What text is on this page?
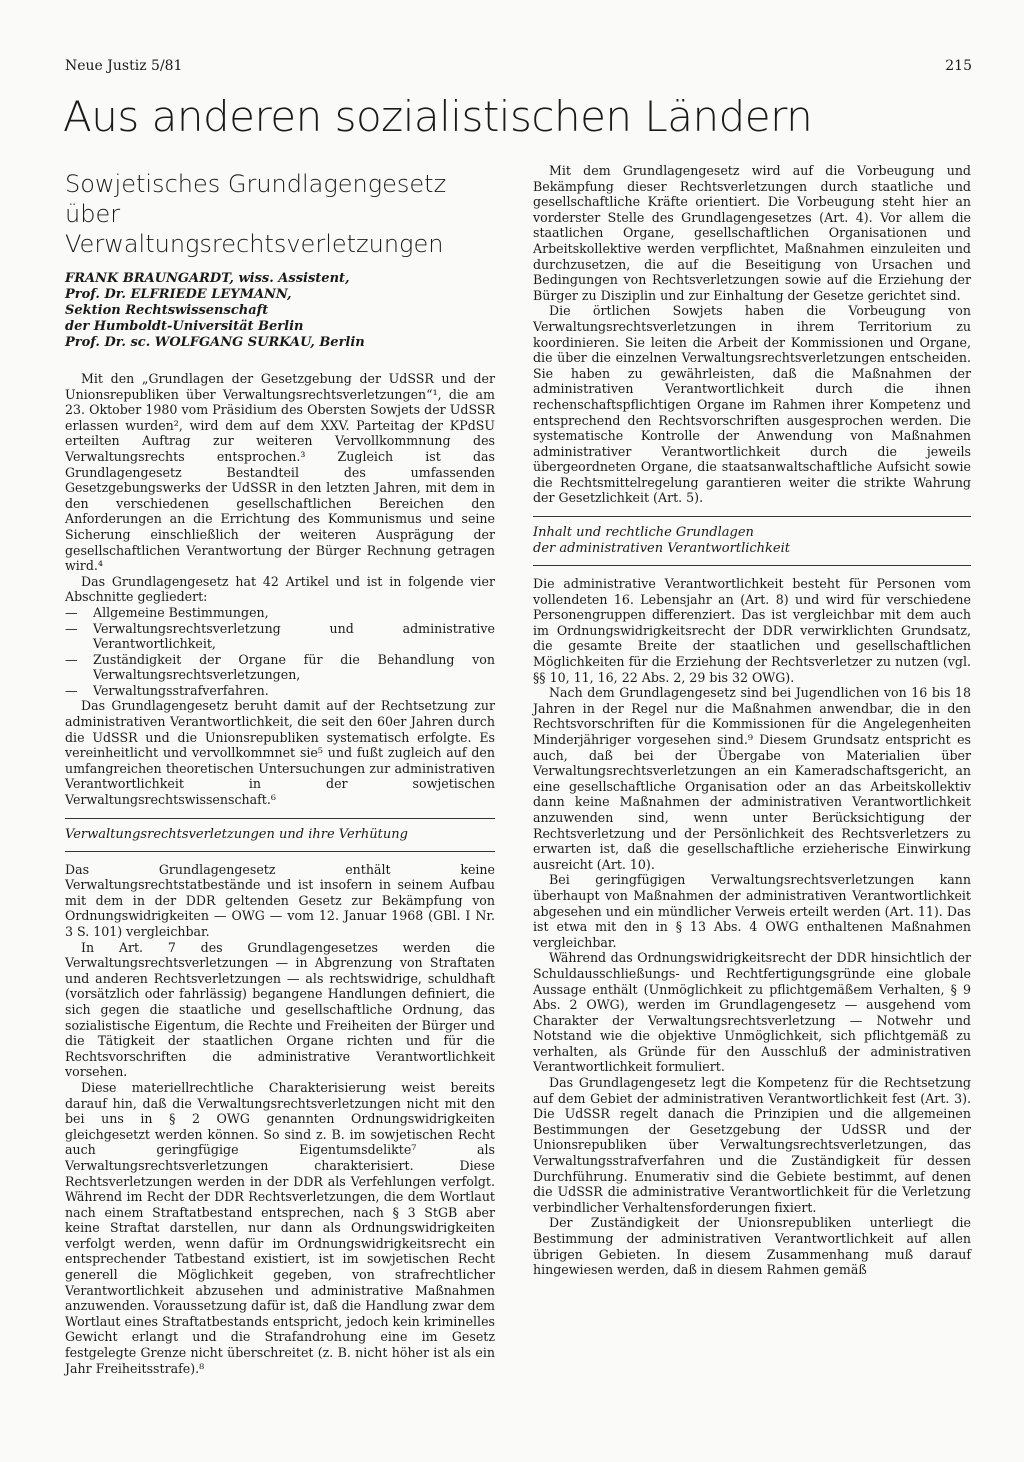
Neue Justiz 5/81	215
Aus anderen sozialistischen Ländern
Sowjetisches Grundlagengesetz
über Verwaltungsrechtsverletzungen
FRANK BRAUNGARDT, wiss. Assistent,
Prof. Dr. ELFRIEDE LEYMANN,
Sektion Rechtswissenschaft
der Humboldt-Universität Berlin
Prof. Dr. sc. WOLFGANG SURKAU, Berlin

Mit den „Grundlagen der Gesetzgebung der UdSSR und der Unionsrepubliken über Verwaltungsrechtsverletzungen“¹, die am 23. Oktober 1980 vom Präsidium des Obersten Sowjets der UdSSR erlassen wurden², wird dem auf dem XXV. Parteitag der KPdSU erteilten Auftrag zur weiteren Vervollkommnung des Verwaltungsrechts entsprochen.³ Zugleich ist das Grundlagengesetz Bestandteil des umfassenden Gesetzgebungswerks der UdSSR in den letzten Jahren, mit dem in den verschiedenen gesellschaftlichen Bereichen den Anforderungen an die Errichtung des Kommunismus und seine Sicherung einschließlich der weiteren Ausprägung der gesellschaftlichen Verantwortung der Bürger Rechnung getragen wird.⁴

Das Grundlagengesetz hat 42 Artikel und ist in folgende vier Abschnitte gegliedert:

— Allgemeine Bestimmungen,
— Verwaltungsrechtsverletzung und administrative Verantwortlichkeit,
— Zuständigkeit der Organe für die Behandlung von Verwaltungsrechtsverletzungen,
— Verwaltungsstrafverfahren.

Das Grundlagengesetz beruht damit auf der Rechtsetzung zur administrativen Verantwortlichkeit, die seit den 60er Jahren durch die UdSSR und die Unionsrepubliken systematisch erfolgte. Es vereinheitlicht und vervollkommnet sie⁵ und fußt zugleich auf den umfangreichen theoretischen Untersuchungen zur administrativen Verantwortlichkeit in der sowjetischen Verwaltungsrechtswissenschaft.⁶

Verwaltungsrechtsverletzungen und ihre Verhütung

Das Grundlagengesetz enthält keine Verwaltungsrechtstatbestände und ist insofern in seinem Aufbau mit dem in der DDR geltenden Gesetz zur Bekämpfung von Ordnungswidrigkeiten — OWG — vom 12. Januar 1968 (GBl. I Nr. 3 S. 101) vergleichbar.

In Art. 7 des Grundlagengesetzes werden die Verwaltungsrechtsverletzungen — in Abgrenzung von Straftaten und anderen Rechtsverletzungen — als rechtswidrige, schuldhaft (vorsätzlich oder fahrlässig) begangene Handlungen definiert, die sich gegen die staatliche und gesellschaftliche Ordnung, das sozialistische Eigentum, die Rechte und Freiheiten der Bürger und die Tätigkeit der staatlichen Organe richten und für die Rechtsvorschriften die administrative Verantwortlichkeit vorsehen.

Diese materiellrechtliche Charakterisierung weist bereits darauf hin, daß die Verwaltungsrechtsverletzungen nicht mit den bei uns in § 2 OWG genannten Ordnungswidrigkeiten gleichgesetzt werden können. So sind z. B. im sowjetischen Recht auch geringfügige Eigentumsdelikte⁷ als Verwaltungsrechtsverletzungen charakterisiert. Diese Rechtsverletzungen werden in der DDR als Verfehlungen verfolgt. Während im Recht der DDR Rechtsverletzungen, die dem Wortlaut nach einem Straftatbestand entsprechen, nach § 3 StGB aber keine Straftat darstellen, nur dann als Ordnungswidrigkeiten verfolgt werden, wenn dafür im Ordnungswidrigkeitsrecht ein entsprechender Tatbestand existiert, ist im sowjetischen Recht generell die Möglichkeit gegeben, von strafrechtlicher Verantwortlichkeit abzusehen und administrative Maßnahmen anzuwenden. Voraussetzung dafür ist, daß die Handlung zwar dem Wortlaut eines Straftatbestands entspricht, jedoch kein kriminelles Gewicht erlangt und die Strafandrohung eine im Gesetz festgelegte Grenze nicht überschreitet (z. B. nicht höher ist als ein Jahr Freiheitsstrafe).⁸

Mit dem Grundlagengesetz wird auf die Vorbeugung und Bekämpfung dieser Rechtsverletzungen durch staatliche und gesellschaftliche Kräfte orientiert. Die Vorbeugung steht hier an vorderster Stelle des Grundlagengesetzes (Art. 4). Vor allem die staatlichen Organe, gesellschaftlichen Organisationen und Arbeitskollektive werden verpflichtet, Maßnahmen einzuleiten und durchzusetzen, die auf die Beseitigung von Ursachen und Bedingungen von Rechtsverletzungen sowie auf die Erziehung der Bürger zu Disziplin und zur Einhaltung der Gesetze gerichtet sind.

Die örtlichen Sowjets haben die Vorbeugung von Verwaltungsrechtsverletzungen in ihrem Territorium zu koordinieren. Sie leiten die Arbeit der Kommissionen und Organe, die über die einzelnen Verwaltungsrechtsverletzungen entscheiden. Sie haben zu gewährleisten, daß die Maßnahmen der administrativen Verantwortlichkeit durch die ihnen rechenschaftspflichtigen Organe im Rahmen ihrer Kompetenz und entsprechend den Rechtsvorschriften ausgesprochen werden. Die systematische Kontrolle der Anwendung von Maßnahmen administrativer Verantwortlichkeit durch die jeweils übergeordneten Organe, die staatsanwaltschaftliche Aufsicht sowie die Rechtsmittelregelung garantieren weiter die strikte Wahrung der Gesetzlichkeit (Art. 5).

Inhalt und rechtliche Grundlagen
der administrativen Verantwortlichkeit

Die administrative Verantwortlichkeit besteht für Personen vom vollendeten 16. Lebensjahr an (Art. 8) und wird für verschiedene Personengruppen differenziert. Das ist vergleichbar mit dem auch im Ordnungswidrigkeitsrecht der DDR verwirklichten Grundsatz, die gesamte Breite der staatlichen und gesellschaftlichen Möglichkeiten für die Erziehung der Rechtsverletzer zu nutzen (vgl. §§ 10, 11, 16, 22 Abs. 2, 29 bis 32 OWG).

Nach dem Grundlagengesetz sind bei Jugendlichen von 16 bis 18 Jahren in der Regel nur die Maßnahmen anwendbar, die in den Rechtsvorschriften für die Kommissionen für die Angelegenheiten Minderjähriger vorgesehen sind.⁹ Diesem Grundsatz entspricht es auch, daß bei der Übergabe von Materialien über Verwaltungsrechtsverletzungen an ein Kameradschaftsgericht, an eine gesellschaftliche Organisation oder an das Arbeitskollektiv dann keine Maßnahmen der administrativen Verantwortlichkeit anzuwenden sind, wenn unter Berücksichtigung der Rechtsverletzung und der Persönlichkeit des Rechtsverletzers zu erwarten ist, daß die gesellschaftliche erzieherische Einwirkung ausreicht (Art. 10).

Bei geringfügigen Verwaltungsrechtsverletzungen kann überhaupt von Maßnahmen der administrativen Verantwortlichkeit abgesehen und ein mündlicher Verweis erteilt werden (Art. 11). Das ist etwa mit den in § 13 Abs. 4 OWG enthaltenen Maßnahmen vergleichbar.

Während das Ordnungswidrigkeitsrecht der DDR hinsichtlich der Schuldausschließungs- und Rechtfertigungsgründe eine globale Aussage enthält (Unmöglichkeit zu pflichtgemäßem Verhalten, § 9 Abs. 2 OWG), werden im Grundlagengesetz — ausgehend vom Charakter der Verwaltungsrechtsverletzung — Notwehr und Notstand wie die objektive Unmöglichkeit, sich pflichtgemäß zu verhalten, als Gründe für den Ausschluß der administrativen Verantwortlichkeit formuliert.

Das Grundlagengesetz legt die Kompetenz für die Rechtsetzung auf dem Gebiet der administrativen Verantwortlichkeit fest (Art. 3). Die UdSSR regelt danach die Prinzipien und die allgemeinen Bestimmungen der Gesetzgebung der UdSSR und der Unionsrepubliken über Verwaltungsrechtsverletzungen, das Verwaltungsstrafverfahren und die Zuständigkeit für dessen Durchführung. Enumerativ sind die Gebiete bestimmt, auf denen die UdSSR die administrative Verantwortlichkeit für die Verletzung verbindlicher Verhaltensforderungen fixiert.

Der Zuständigkeit der Unionsrepubliken unterliegt die Bestimmung der administrativen Verantwortlichkeit auf allen übrigen Gebieten. In diesem Zusammenhang muß darauf hingewiesen werden, daß in diesem Rahmen gemäß
